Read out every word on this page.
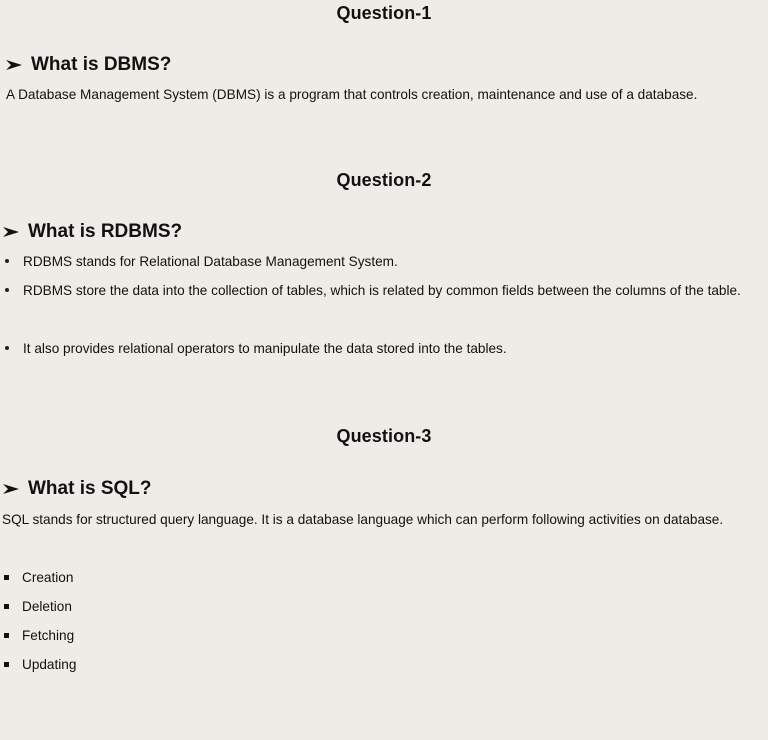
Question-1
What is DBMS?

A Database Management System (DBMS) is a program that controls creation, maintenance and use of a database.

Question-2
What is RDBMS?
RDBMS stands for Relational Database Management System.
RDBMS store the data into the collection of tables, which is related by common fields between the columns of the table.
It also provides relational operators to manipulate the data stored into the tables.
Question-3
What is SQL?

SQL stands for structured query language. It is a database language which can perform following activities on database.

Creation
Deletion
Fetching
Updating
